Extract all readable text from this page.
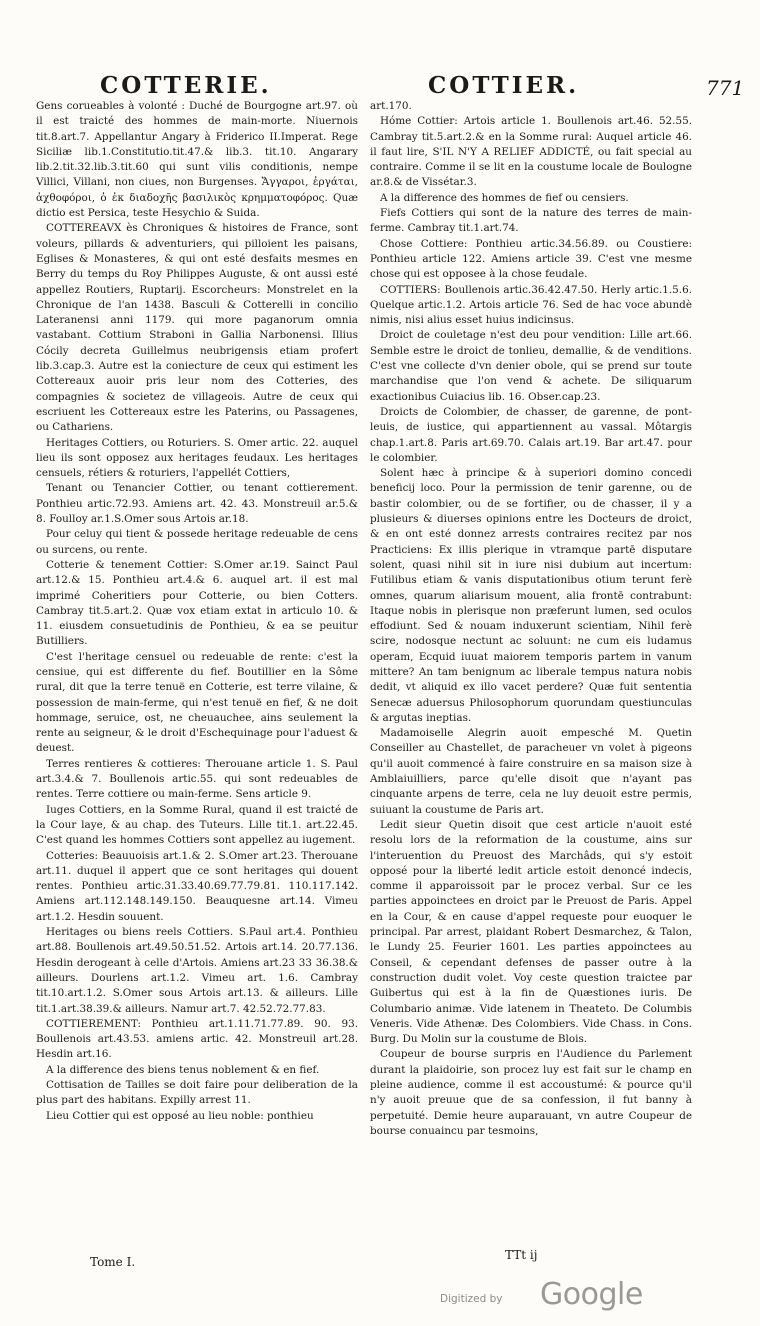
COTTERIE.	COTTIER.	771

Gens corueables à volonté : Duché de Bourgogne art.97. où il est traicté des hommes de main-morte. Niuernois tit.8.art.7. Appellantur Angary à Friderico II.Imperat. Rege Siciliæ lib.1.Constitutio.tit.47.& lib.3. tit.10. Angarary lib.2.tit.32.lib.3.tit.60 qui sunt vilis conditionis, nempe Villici, Villani, non ciues, non Burgenses. Ἄγγαροι, ἐργάται, ἀχθοφόροι, ὁ ἐκ διαδοχῆς βασιλικὸς κρημματοφόρος. Quæ dictio est Persica, teste Hesychio & Suida.

COTTEREAVX ès Chroniques & histoires de France, sont voleurs, pillards & adventuriers, qui pilloient les paisans, Eglises & Monasteres, & qui ont esté desfaits mesmes en Berry du temps du Roy Philippes Auguste, & ont aussi esté appellez Routiers, Ruptarij. Escorcheurs: Monstrelet en la Chronique de l'an 1438. Basculi & Cotterelli in concilio Lateranensi anni 1179. qui more paganorum omnia vastabant. Cottium Straboni in Gallia Narbonensi. Illius Cócily decreta Guillelmus neubrigensis etiam profert lib.3.cap.3. Autre est la coniecture de ceux qui estiment les Cottereaux auoir pris leur nom des Cotteries, des compagnies & societez de villageois. Autre de ceux qui escriuent les Cottereaux estre les Paterins, ou Passagenes, ou Cathariens.

Heritages Cottiers, ou Roturiers. S. Omer artic. 22. auquel lieu ils sont opposez aux heritages feudaux. Les heritages censuels, rétiers & roturiers, l'appellét Cottiers,

Tenant ou Tenancier Cottier, ou tenant cottierement. Ponthieu artic.72.93. Amiens art. 42. 43. Monstreuil ar.5.& 8. Foulloy ar.1.S.Omer sous Artois ar.18.

Pour celuy qui tient & possede heritage redeuable de cens ou surcens, ou rente.

Cotterie & tenement Cottier: S.Omer ar.19. Sainct Paul art.12.& 15. Ponthieu art.4.& 6. auquel art. il est mal imprimé Coheritiers pour Cotterie, ou bien Cotters. Cambray tit.5.art.2. Quæ vox etiam extat in articulo 10. & 11. eiusdem consuetudinis de Ponthieu, & ea se peuitur Butilliers.

C'est l'heritage censuel ou redeuable de rente: c'est la censiue, qui est differente du fief. Boutillier en la Sôme rural, dit que la terre tenuë en Cotterie, est terre vilaine, & possession de main-ferme, qui n'est tenuë en fief, & ne doit hommage, seruice, ost, ne cheuauchee, ains seulement la rente au seigneur, & le droit d'Eschequinage pour l'aduest & deuest.

Terres rentieres & cottieres: Therouane article 1. S. Paul art.3.4.& 7. Boullenois artic.55. qui sont redeuables de rentes. Terre cottiere ou main-ferme. Sens article 9.

Iuges Cottiers, en la Somme Rural, quand il est traicté de la Cour laye, & au chap. des Tuteurs. Lille tit.1. art.22.45. C'est quand les hommes Cottiers sont appellez au iugement.

Cotteries: Beauuoisis art.1.& 2. S.Omer art.23. Therouane art.11. duquel il appert que ce sont heritages qui douent rentes. Ponthieu artic.31.33.40.69.77.79.81. 110.117.142. Amiens art.112.148.149.150. Beauquesne art.14. Vimeu art.1.2. Hesdin souuent.

Heritages ou biens reels Cottiers. S.Paul art.4. Ponthieu art.88. Boullenois art.49.50.51.52. Artois art.14. 20.77.136. Hesdin derogeant à celle d'Artois. Amiens art.23 33 36.38.& ailleurs. Dourlens art.1.2. Vimeu art. 1.6. Cambray tit.10.art.1.2. S.Omer sous Artois art.13. & ailleurs. Lille tit.1.art.38.39.& ailleurs. Namur art.7. 42.52.72.77.83.

COTTIEREMENT: Ponthieu art.1.11.71.77.89. 90. 93. Boullenois art.43.53. amiens artic. 42. Monstreuil art.28. Hesdin art.16.

A la difference des biens tenus noblement & en fief.

Cottisation de Tailles se doit faire pour deliberation de la plus part des habitans. Expilly arrest 11.

Lieu Cottier qui est opposé au lieu noble: ponthieu

art.170.

Hóme Cottier: Artois article 1. Boullenois art.46. 52.55. Cambray tit.5.art.2.& en la Somme rural: Auquel article 46. il faut lire, S'IL N'Y A RELIEF ADDICTÉ, ou fait special au contraire. Comme il se lit en la coustume locale de Boulogne ar.8.& de Vissétar.3.

A la difference des hommes de fief ou censiers.

Fiefs Cottiers qui sont de la nature des terres de main-ferme. Cambray tit.1.art.74.

Chose Cottiere: Ponthieu artic.34.56.89. ou Coustiere: Ponthieu article 122. Amiens article 39. C'est vne mesme chose qui est opposee à la chose feudale.

COTTIERS: Boullenois artic.36.42.47.50. Herly artic.1.5.6. Quelque artic.1.2. Artois article 76. Sed de hac voce abundè nimis, nisi alius esset huius indicinsus.

Droict de couletage n'est deu pour vendition: Lille art.66. Semble estre le droict de tonlieu, demallie, & de venditions. C'est vne collecte d'vn denier obole, qui se prend sur toute marchandise que l'on vend & achete. De siliquarum exactionibus Cuiacius lib. 16. Obser.cap.23.

Droicts de Colombier, de chasser, de garenne, de pont-leuis, de iustice, qui appartiennent au vassal. Môtargis chap.1.art.8. Paris art.69.70. Calais art.19. Bar art.47. pour le colombier.

Solent hæc à principe & à superiori domino concedi beneficij loco. Pour la permission de tenir garenne, ou de bastir colombier, ou de se fortifier, ou de chasser, il y a plusieurs & diuerses opinions entre les Docteurs de droict, & en ont esté donnez arrests contraires recitez par nos Practiciens: Ex illis plerique in vtramque partē disputare solent, quasi nihil sit in iure nisi dubium aut incertum: Futilibus etiam & vanis disputationibus otium terunt ferè omnes, quarum aliarisum mouent, alia frontē contrabunt: Itaque nobis in plerisque non præferunt lumen, sed oculos effodiunt. Sed & nouam induxerunt scientiam, Nihil ferè scire, nodosque nectunt ac soluunt: ne cum eis ludamus operam, Ecquid iuuat maiorem temporis partem in vanum mittere? An tam benignum ac liberale tempus natura nobis dedit, vt aliquid ex illo vacet perdere? Quæ fuit sententia Senecæ aduersus Philosophorum quorundam questiunculas & argutas ineptias.

Madamoiselle Alegrin auoit empesché M. Quetin Conseiller au Chastellet, de paracheuer vn volet à pigeons qu'il auoit commencé à faire construire en sa maison size à Amblaiuilliers, parce qu'elle disoit que n'ayant pas cinquante arpens de terre, cela ne luy deuoit estre permis, suiuant la coustume de Paris art.

Ledit sieur Quetin disoit que cest article n'auoit esté resolu lors de la reformation de la coustume, ains sur l'interuention du Preuost des Marchâds, qui s'y estoit opposé pour la liberté ledit article estoit denoncé indecis, comme il apparoissoit par le procez verbal. Sur ce les parties appoinctees en droict par le Preuost de Paris. Appel en la Cour, & en cause d'appel requeste pour euoquer le principal. Par arrest, plaidant Robert Desmarchez, & Talon, le Lundy 25. Feurier 1601. Les parties appoinctees au Conseil, & cependant defenses de passer outre à la construction dudit volet. Voy ceste question traictee par Guibertus qui est à la fin de Quæstiones iuris. De Columbario animæ. Vide latenem in Theateto. De Columbis Veneris. Vide Athenæ. Des Colombiers. Vide Chass. in Cons. Burg. Du Molin sur la coustume de Blois.

Coupeur de bourse surpris en l'Audience du Parlement durant la plaidoirie, son procez luy est fait sur le champ en pleine audience, comme il est accoustumé: & pource qu'il n'y auoit preuue que de sa confession, il fut banny à perpetuité. Demie heure auparauant, vn autre Coupeur de bourse conuaincu par tesmoins,

Tome I.	TTt ij
Digitized by Google
